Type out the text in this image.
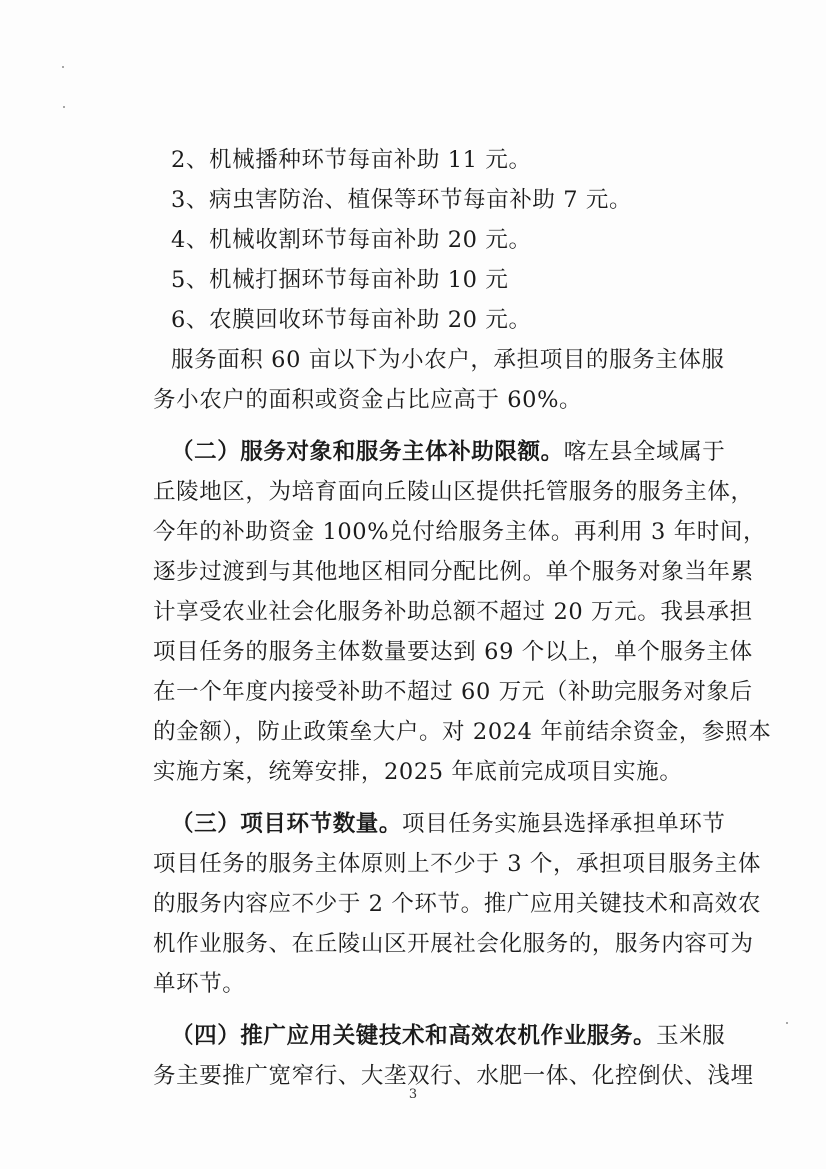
2、机械播种环节每亩补助 11 元。
3、病虫害防治、植保等环节每亩补助 7 元。
4、机械收割环节每亩补助 20 元。
5、机械打捆环节每亩补助 10 元
6、农膜回收环节每亩补助 20 元。
服务面积 60 亩以下为小农户，承担项目的服务主体服
务小农户的面积或资金占比应高于 60%。
（二）服务对象和服务主体补助限额。喀左县全域属于
丘陵地区，为培育面向丘陵山区提供托管服务的服务主体，
今年的补助资金 100%兑付给服务主体。再利用 3 年时间，
逐步过渡到与其他地区相同分配比例。单个服务对象当年累
计享受农业社会化服务补助总额不超过 20 万元。我县承担
项目任务的服务主体数量要达到 69 个以上，单个服务主体
在一个年度内接受补助不超过 60 万元（补助完服务对象后
的金额），防止政策垒大户。对 2024 年前结余资金，参照本
实施方案，统筹安排，2025 年底前完成项目实施。
（三）项目环节数量。项目任务实施县选择承担单环节
项目任务的服务主体原则上不少于 3 个，承担项目服务主体
的服务内容应不少于 2 个环节。推广应用关键技术和高效农
机作业服务、在丘陵山区开展社会化服务的，服务内容可为
单环节。
（四）推广应用关键技术和高效农机作业服务。玉米服
务主要推广宽窄行、大垄双行、水肥一体、化控倒伏、浅埋
3
